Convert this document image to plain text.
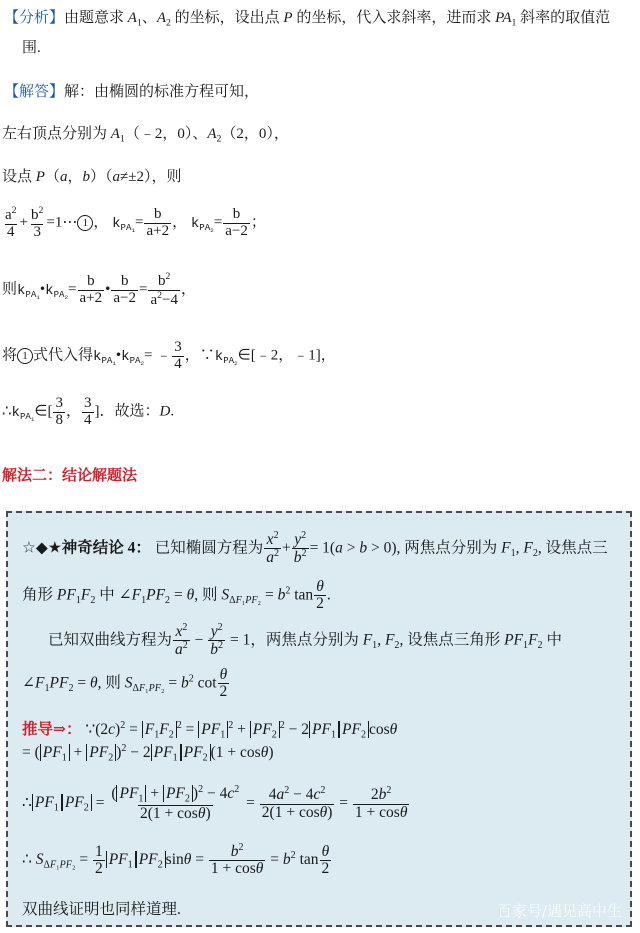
【分析】由题意求 $A_1$、$A_2$ 的坐标，设出点 P 的坐标，代入求斜率，进而求 $PA_1$ 斜率的取值范
围.
【解答】解：由椭圆的标准方程可知，
左右顶点分别为 $A_1(﹣2$，0）、$A_2(2$，0），
设点 P（a，b）（a≠±2），则
$\frac{a^2}{4} + \frac{b^2}{3}$ =1⋯ 1 ， $k_{PA_1}= \frac{b}{a+2}$ ， $k_{PA_2}= \frac{b}{a-2}$ ；
则$k_{PA_1}•k_{PA_2}= \frac{b}{a+2}$ • $\frac{b}{a-2} = \frac{b^2}{a^2-4}$ ，
将 1 式代入得$k_{PA_1}•k_{PA_2}=$ ﹣ $\frac{3}{4}$ ，$\because k_{PA_2}\in[﹣2$，﹣1]，
$\therefore k_{PA_1}\in[ \frac{3}{8}$ ， $\frac{3}{4}$ ]．故选：D.
解法二：结论解题法
☆◆★神奇结论 4： 已知椭圆方程为 $\frac{x^2}{a^2} + \frac{y^2}{b^2} = 1(a > b > 0)$, 两焦点分别为 $F_1$, $F_2$, 设焦点三
角形 $PF_1F_2$ 中 $\angle F_1PF_2 = \theta$, 则 $S_{\Delta F_1PF_2} = b^2$ $\tan \frac{\theta}{2}$ .
已知双曲线方程为 $\frac{x^2}{a^2} - \frac{y^2}{b^2} = 1$，两焦点分别为 $F_1$, $F_2$, 设焦点三角形 $PF_1F_2$ 中
$\angle F_1PF_2 = \theta$, 则 $S_{\Delta F_1PF_2} = b^2$ $\cot \frac{\theta}{2}$
推导⇒： $\because(2c)^2 = F_1F_2^2 = PF_1^2 + PF_2^2 - 2$ $PF_1$ $PF_2$ cosθ
= ( $PF_1 + PF_2$ )$^2$ − 2 $PF_1$ $PF_2$ (1 + cosθ)
∴ $PF_1$ $PF_2 = \frac{( PF_1 + PF_2 )^2 - 4c^2}{2(1 + \cos\theta)} = \frac{4a^2 - 4c^2}{2(1 + \cos\theta)} = \frac{2b^2}{1 + \cos\theta}$
∴ $S_{\Delta F_1PF_2} = \frac{1}{2} PF_1$ $PF_2$ $\sin\theta = \frac{b^2}{1 + \cos\theta} = b^2$ $\tan \frac{\theta}{2}$
双曲线证明也同样道理.	百家号/遇见高中生
